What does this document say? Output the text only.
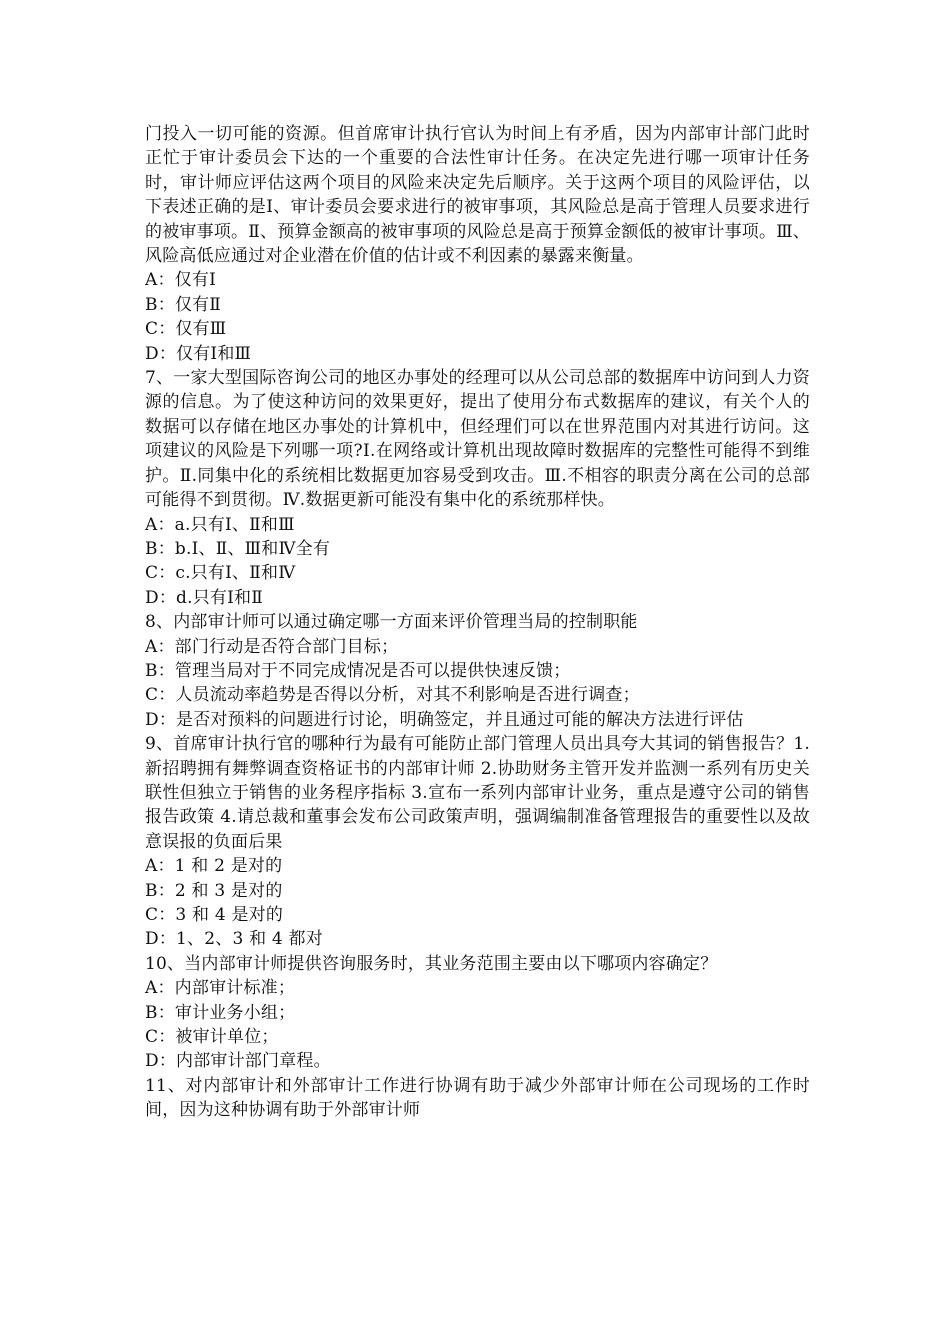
门投入一切可能的资源。但首席审计执行官认为时间上有矛盾，因为内部审计部门此时正忙于审计委员会下达的一个重要的合法性审计任务。在决定先进行哪一项审计任务时，审计师应评估这两个项目的风险来决定先后顺序。关于这两个项目的风险评估，以下表述正确的是Ⅰ、审计委员会要求进行的被审事项，其风险总是高于管理人员要求进行的被审事项。Ⅱ、预算金额高的被审事项的风险总是高于预算金额低的被审计事项。Ⅲ、风险高低应通过对企业潜在价值的估计或不利因素的暴露来衡量。
A：仅有Ⅰ
B：仅有Ⅱ
C：仅有Ⅲ
D：仅有Ⅰ和Ⅲ
7、一家大型国际咨询公司的地区办事处的经理可以从公司总部的数据库中访问到人力资源的信息。为了使这种访问的效果更好，提出了使用分布式数据库的建议，有关个人的数据可以存储在地区办事处的计算机中，但经理们可以在世界范围内对其进行访问。这项建议的风险是下列哪一项?Ⅰ.在网络或计算机出现故障时数据库的完整性可能得不到维护。Ⅱ.同集中化的系统相比数据更加容易受到攻击。Ⅲ.不相容的职责分离在公司的总部可能得不到贯彻。Ⅳ.数据更新可能没有集中化的系统那样快。
A：a.只有Ⅰ、Ⅱ和Ⅲ
B：b.Ⅰ、Ⅱ、Ⅲ和Ⅳ全有
C：c.只有Ⅰ、Ⅱ和Ⅳ
D：d.只有Ⅰ和Ⅱ
8、内部审计师可以通过确定哪一方面来评价管理当局的控制职能
A：部门行动是否符合部门目标；
B：管理当局对于不同完成情况是否可以提供快速反馈；
C：人员流动率趋势是否得以分析，对其不利影响是否进行调查；
D：是否对预料的问题进行讨论，明确签定，并且通过可能的解决方法进行评估
9、首席审计执行官的哪种行为最有可能防止部门管理人员出具夸大其词的销售报告？1. 新招聘拥有舞弊调查资格证书的内部审计师 2.协助财务主管开发并监测一系列有历史关联性但独立于销售的业务程序指标 3.宣布一系列内部审计业务，重点是遵守公司的销售报告政策 4.请总裁和董事会发布公司政策声明，强调编制准备管理报告的重要性以及故意误报的负面后果
A：1 和 2 是对的
B：2 和 3 是对的
C：3 和 4 是对的
D：1、2、3 和 4 都对
10、当内部审计师提供咨询服务时，其业务范围主要由以下哪项内容确定？
A：内部审计标准；
B：审计业务小组；
C：被审计单位；
D：内部审计部门章程。
11、对内部审计和外部审计工作进行协调有助于减少外部审计师在公司现场的工作时间，因为这种协调有助于外部审计师
